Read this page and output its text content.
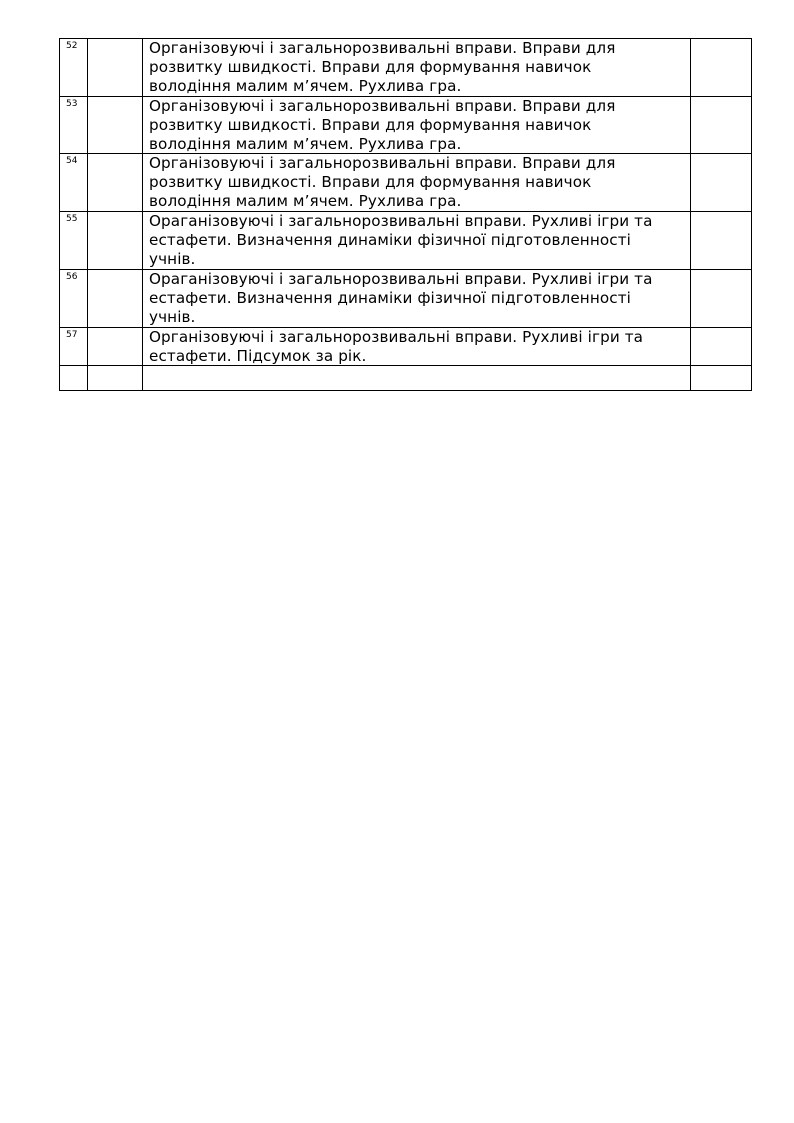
52		Організовуючі і загальнорозвивальні вправи. Вправи для
розвитку швидкості. Вправи для формування навичок
володіння малим м’ячем. Рухлива гра.	
53		Організовуючі і загальнорозвивальні вправи. Вправи для
розвитку швидкості. Вправи для формування навичок
володіння малим м’ячем. Рухлива гра.	
54		Організовуючі і загальнорозвивальні вправи. Вправи для
розвитку швидкості. Вправи для формування навичок
володіння малим м’ячем. Рухлива гра.	
55		Ораганізовуючі і загальнорозвивальні вправи. Рухливі ігри та
естафети. Визначення динаміки фізичної підготовленності
учнів.	
56		Ораганізовуючі і загальнорозвивальні вправи. Рухливі ігри та
естафети. Визначення динаміки фізичної підготовленності
учнів.	
57		Організовуючі і загальнорозвивальні вправи. Рухливі ігри та
естафети. Підсумок за рік.	
